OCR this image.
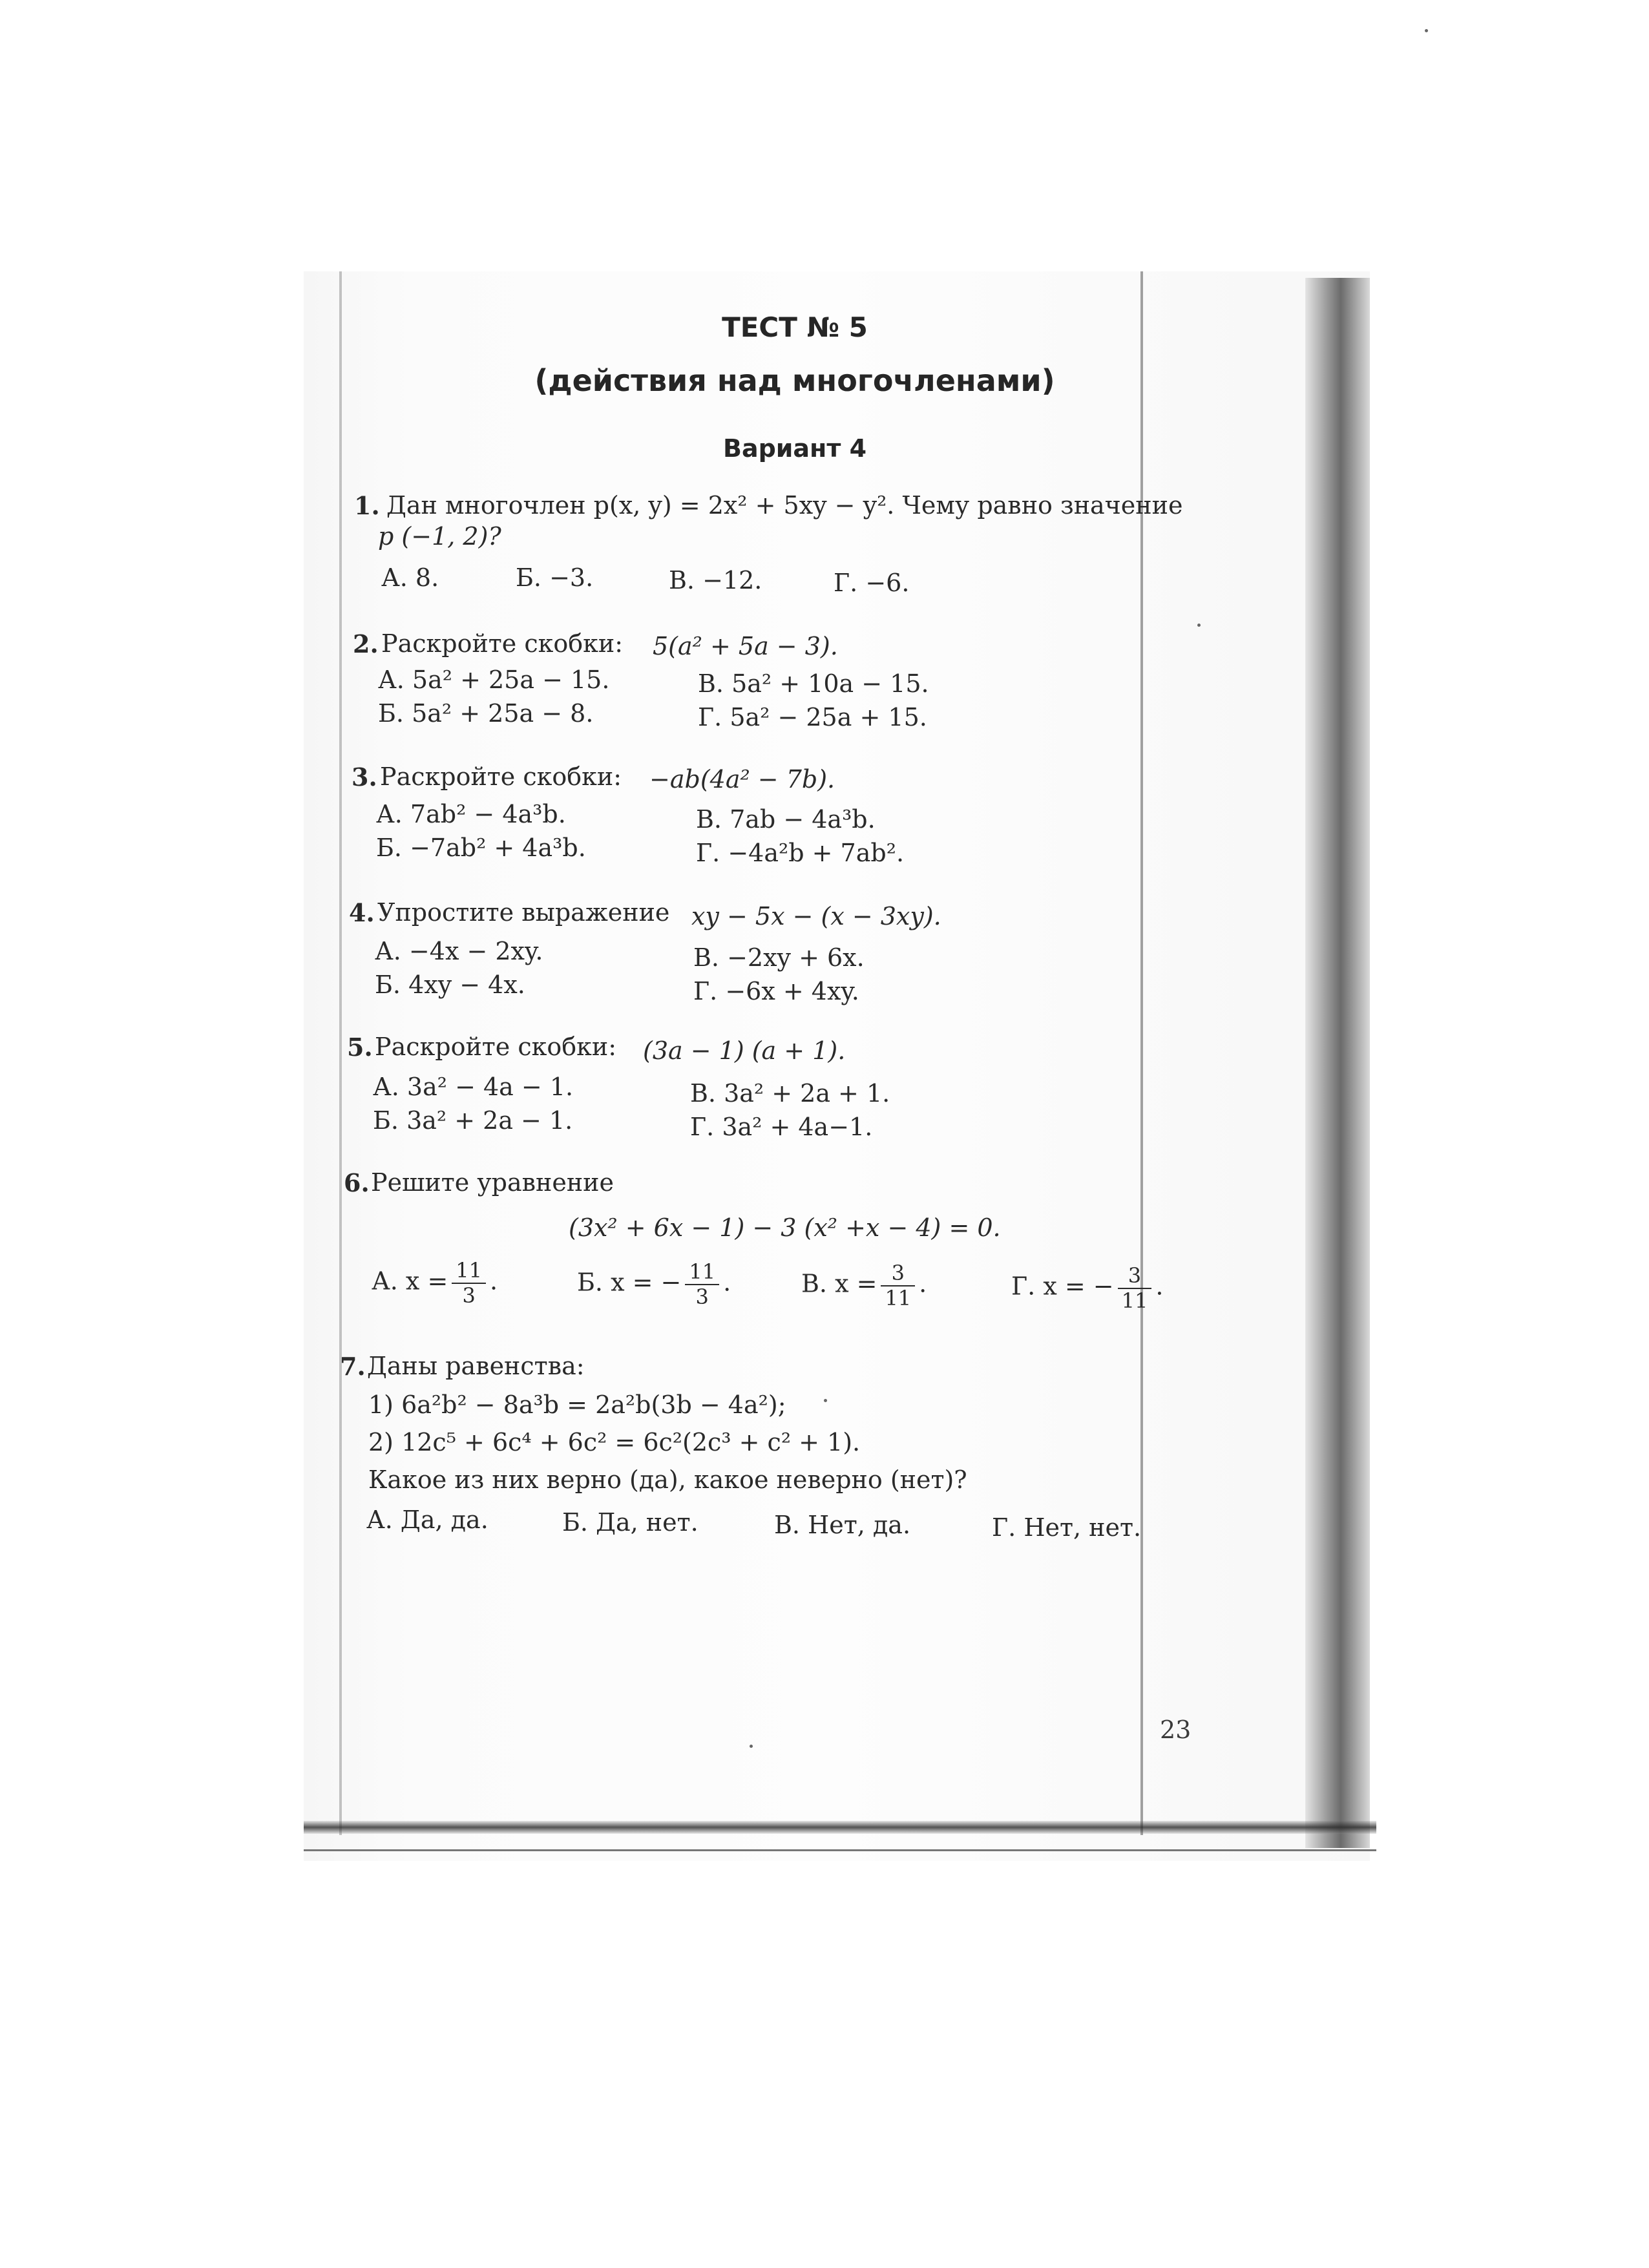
ТЕСТ № 5
(действия над многочленами)
Вариант 4
1. Дан многочлен p(x, y) = 2x² + 5xy − y². Чему равно значение
p (−1, 2)?
А. 8.	Б. −3.	В. −12.	Г. −6.
2. Раскройте скобки: 5(a² + 5a − 3).
А. 5a² + 25a − 15.
Б. 5a² + 25a − 8.
В. 5a² + 10a − 15.
Г. 5a² − 25a + 15.
3. Раскройте скобки: −ab(4a² − 7b).
А. 7ab² − 4a³b.
Б. −7ab² + 4a³b.
В. 7ab − 4a³b.
Г. −4a²b + 7ab².
4. Упростите выражение xy − 5x − (x − 3xy).
А. −4x − 2xy.
Б. 4xy − 4x.
В. −2xy + 6x.
Г. −6x + 4xy.
5. Раскройте скобки: (3a − 1) (a + 1).
А. 3a² − 4a − 1.
Б. 3a² + 2a − 1.
В. 3a² + 2a + 1.
Г. 3a² + 4a−1.
6. Решите уравнение
(3x² + 6x − 1) − 3 (x² +x − 4) = 0.
А. $x = \frac{11}{3}$ .	Б. x = − $\frac{11}{3}$ .	В. $x = \frac{3}{11}$ .	Г. x = − $\frac{3}{11}$ .
7. Даны равенства:
1) 6a²b² − 8a³b = 2a²b(3b − 4a²);
2) 12c⁵ + 6c⁴ + 6c² = 6c²(2c³ + c² + 1).
Какое из них верно (да), какое неверно (нет)?
А. Да, да.	Б. Да, нет.	В. Нет, да.	Г. Нет, нет.
23
